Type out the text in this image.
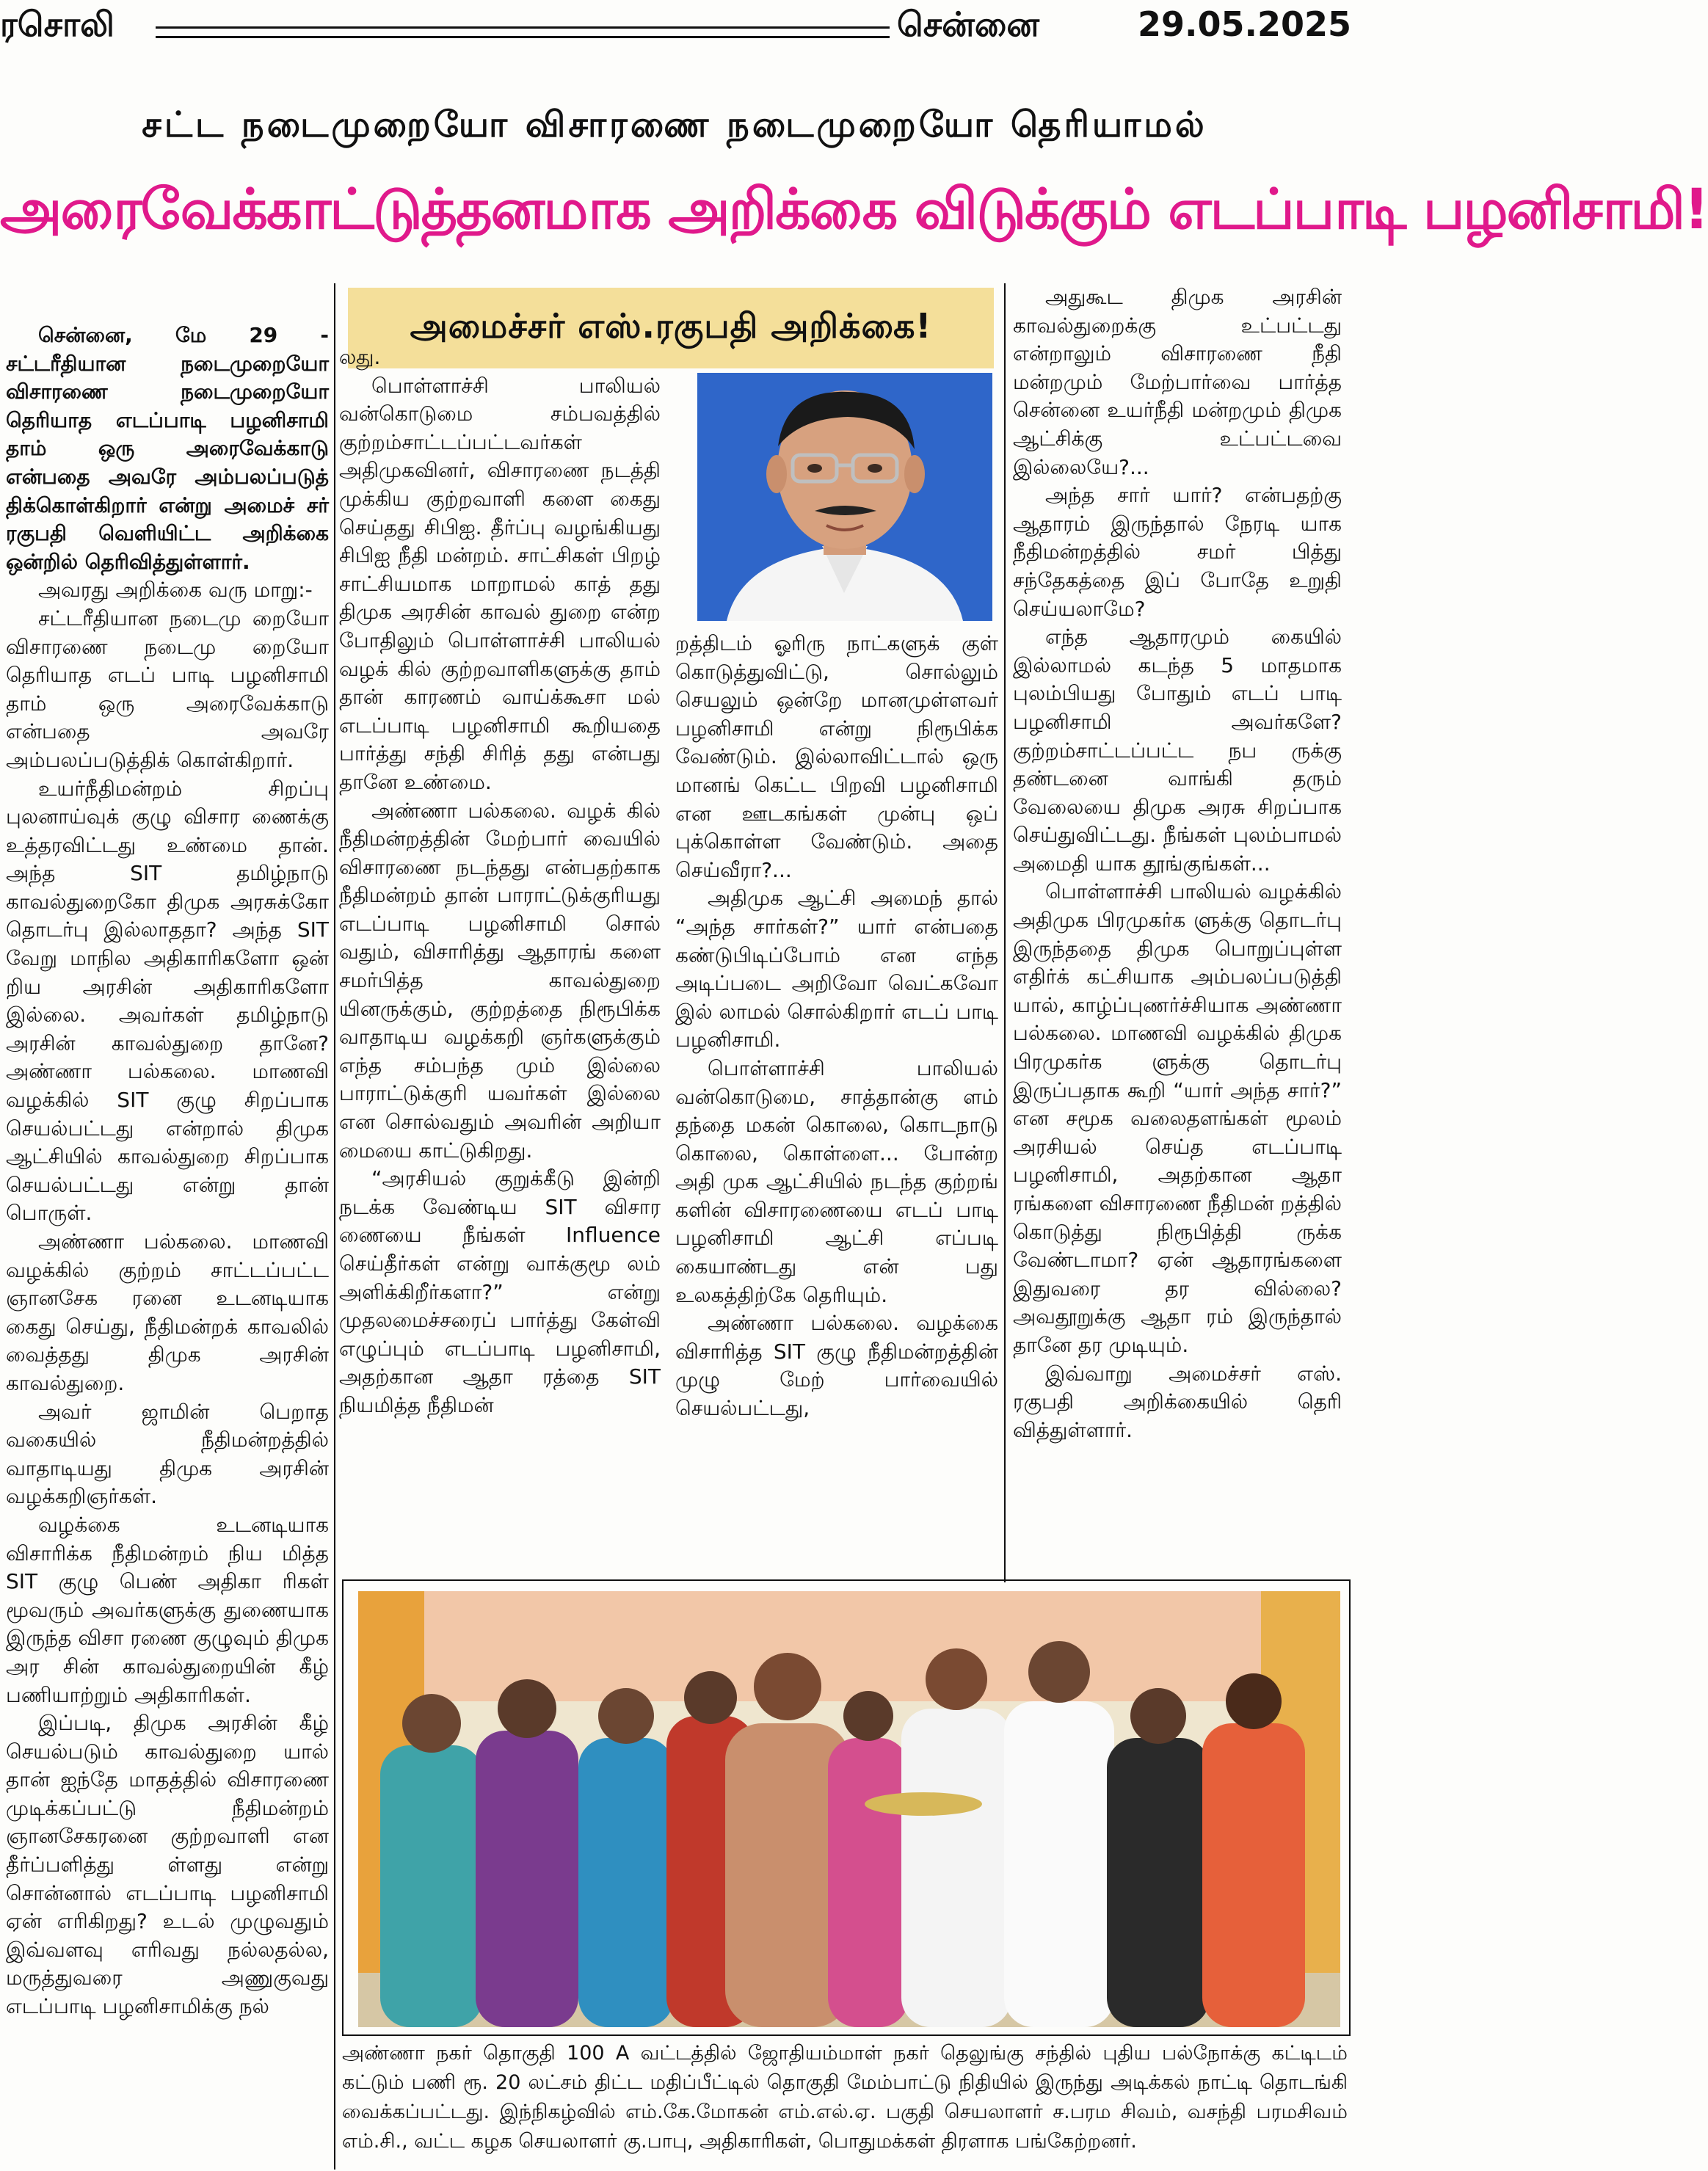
ரசொலி	சென்னை	29.05.2025
சட்ட நடைமுறையோ விசாரணை நடைமுறையோ தெரியாமல்
அரைவேக்காட்டுத்தனமாக அறிக்கை விடுக்கும் எடப்பாடி பழனிசாமி!

சென்னை, மே 29 - சட்டரீதியான நடைமுறையோ விசாரணை நடைமுறையோ தெரியாத எடப்பாடி பழனிசாமி தாம் ஒரு அரைவேக்காடு என்பதை அவரே அம்பலப்படுத் திக்கொள்கிறார் என்று அமைச் சர் ரகுபதி வெளியிட்ட அறிக்கை ஒன்றில் தெரிவித்துள்ளார்.

அவரது அறிக்கை வரு மாறு:-

சட்டரீதியான நடைமு றையோ விசாரணை நடைமு றையோ தெரியாத எடப் பாடி பழனிசாமி தாம் ஒரு அரைவேக்காடு என்பதை அவரே அம்பலப்படுத்திக் கொள்கிறார்.

உயர்நீதிமன்றம் சிறப்பு புலனாய்வுக் குழு விசார ணைக்கு உத்தரவிட்டது உண்மை தான். அந்த SIT தமிழ்நாடு காவல்துறைகோ திமுக அரசுக்கோ தொடர்பு இல்லாததா? அந்த SIT வேறு மாநில அதிகாரிகளோ ஒன் றிய அரசின் அதிகாரிகளோ இல்லை. அவர்கள் தமிழ்நாடு அரசின் காவல்துறை தானே? அண்ணா பல்கலை. மாணவி வழக்கில் SIT குழு சிறப்பாக செயல்பட்டது என்றால் திமுக ஆட்சியில் காவல்துறை சிறப்பாக செயல்பட்டது என்று தான் பொருள்.

அண்ணா பல்கலை. மாணவி வழக்கில் குற்றம் சாட்டப்பட்ட ஞானசேக ரனை உடனடியாக கைது செய்து, நீதிமன்றக் காவலில் வைத்தது திமுக அரசின் காவல்துறை.

அவர் ஜாமின் பெறாத வகையில் நீதிமன்றத்தில் வாதாடியது திமுக அரசின் வழக்கறிஞர்கள்.

வழக்கை உடனடியாக விசாரிக்க நீதிமன்றம் நிய மித்த SIT குழு பெண் அதிகா ரிகள் மூவரும் அவர்களுக்கு துணையாக இருந்த விசா ரணை குழுவும் திமுக அர சின் காவல்துறையின் கீழ் பணியாற்றும் அதிகாரிகள்.

இப்படி, திமுக அரசின் கீழ் செயல்படும் காவல்துறை யால் தான் ஐந்தே மாதத்தில் விசாரணை முடிக்கப்பட்டு நீதிமன்றம் ஞானசேகரனை குற்றவாளி என தீர்ப்பளித்து ள்ளது என்று சொன்னால் எடப்பாடி பழனிசாமி ஏன் எரிகிறது? உடல் முழுவதும் இவ்வளவு எரிவது நல்லதல்ல, மருத்துவரை அணுகுவது எடப்பாடி பழனிசாமிக்கு நல்

அமைச்சர் எஸ்.ரகுபதி அறிக்கை!

லது.

பொள்ளாச்சி பாலியல் வன்கொடுமை சம்பவத்தில் குற்றம்சாட்டப்பட்டவர்கள் அதிமுகவினர், விசாரணை நடத்தி முக்கிய குற்றவாளி களை கைது செய்தது சிபிஐ. தீர்ப்பு வழங்கியது சிபிஐ நீதி மன்றம். சாட்சிகள் பிறழ் சாட்சியமாக மாறாமல் காத் தது திமுக அரசின் காவல் துறை என்ற போதிலும் பொள்ளாச்சி பாலியல் வழக் கில் குற்றவாளிகளுக்கு தாம் தான் காரணம் வாய்க்கூசா மல் எடப்பாடி பழனிசாமி கூறியதை பார்த்து சந்தி சிரித் தது என்பது தானே உண்மை.

அண்ணா பல்கலை. வழக் கில் நீதிமன்றத்தின் மேற்பார் வையில் விசாரணை நடந்தது என்பதற்காக நீதிமன்றம் தான் பாராட்டுக்குரியது எடப்பாடி பழனிசாமி சொல் வதும், விசாரித்து ஆதாரங் களை சமர்பித்த காவல்துறை யினருக்கும், குற்றத்தை நிரூபிக்க வாதாடிய வழக்கறி ஞர்களுக்கும் எந்த சம்பந்த மும் இல்லை பாராட்டுக்குரி யவர்கள் இல்லை என சொல்வதும் அவரின் அறியா மையை காட்டுகிறது.

“அரசியல் குறுக்கீடு இன்றி நடக்க வேண்டிய SIT விசார ணையை நீங்கள் Influence செய்தீர்கள் என்று வாக்குமூ லம் அளிக்கிறீர்களா?” என்று முதலமைச்சரைப் பார்த்து கேள்வி எழுப்பும் எடப்பாடி பழனிசாமி, அதற்கான ஆதா ரத்தை SIT நியமித்த நீதிமன்

றத்திடம் ஓரிரு நாட்களுக் குள் கொடுத்துவிட்டு, சொல்லும் செயலும் ஒன்றே மானமுள்ளவர் பழனிசாமி என்று நிரூபிக்க வேண்டும். இல்லாவிட்டால் ஒரு மானங் கெட்ட பிறவி பழனிசாமி என ஊடகங்கள் முன்பு ஒப் புக்கொள்ள வேண்டும். அதை செய்வீரா?...

அதிமுக ஆட்சி அமைந் தால் “அந்த சார்கள்?” யார் என்பதை கண்டுபிடிப்போம் என எந்த அடிப்படை அறிவோ வெட்கவோ இல் லாமல் சொல்கிறார் எடப் பாடி பழனிசாமி.

பொள்ளாச்சி பாலியல் வன்கொடுமை, சாத்தான்கு ளம் தந்தை மகன் கொலை, கொடநாடு கொலை, கொள்ளை... போன்ற அதி முக ஆட்சியில் நடந்த குற்றங் களின் விசாரணையை எடப் பாடி பழனிசாமி ஆட்சி எப்படி கையாண்டது என் பது உலகத்திற்கே தெரியும்.

அண்ணா பல்கலை. வழக்கை விசாரித்த SIT குழு நீதிமன்றத்தின் முழு மேற் பார்வையில் செயல்பட்டது,

அதுகூட திமுக அரசின் காவல்துறைக்கு உட்பட்டது என்றாலும் விசாரணை நீதி மன்றமும் மேற்பார்வை பார்த்த சென்னை உயர்நீதி மன்றமும் திமுக ஆட்சிக்கு உட்பட்டவை இல்லையே?...

அந்த சார் யார்? என்பதற்கு ஆதாரம் இருந்தால் நேரடி யாக நீதிமன்றத்தில் சமர் பித்து சந்தேகத்தை இப் போதே உறுதி செய்யலாமே?

எந்த ஆதாரமும் கையில் இல்லாமல் கடந்த 5 மாதமாக புலம்பியது போதும் எடப் பாடி பழனிசாமி அவர்களே? குற்றம்சாட்டப்பட்ட நப ருக்கு தண்டனை வாங்கி தரும் வேலையை திமுக அரசு சிறப்பாக செய்துவிட்டது. நீங்கள் புலம்பாமல் அமைதி யாக தூங்குங்கள்...

பொள்ளாச்சி பாலியல் வழக்கில் அதிமுக பிரமுகர்க ளுக்கு தொடர்பு இருந்ததை திமுக பொறுப்புள்ள எதிர்க் கட்சியாக அம்பலப்படுத்தி யால், காழ்ப்புணர்ச்சியாக அண்ணா பல்கலை. மாணவி வழக்கில் திமுக பிரமுகர்க ளுக்கு தொடர்பு இருப்பதாக கூறி “யார் அந்த சார்?” என சமூக வலைதளங்கள் மூலம் அரசியல் செய்த எடப்பாடி பழனிசாமி, அதற்கான ஆதா ரங்களை விசாரணை நீதிமன் றத்தில் கொடுத்து நிரூபித்தி ருக்க வேண்டாமா? ஏன் ஆதாரங்களை இதுவரை தர வில்லை? அவதூறுக்கு ஆதா ரம் இருந்தால் தானே தர முடியும்.

இவ்வாறு அமைச்சர் எஸ். ரகுபதி அறிக்கையில் தெரி வித்துள்ளார்.

அண்ணா நகர் தொகுதி 100 A வட்டத்தில் ஜோதியம்மாள் நகர் தெலுங்கு சந்தில் புதிய பல்நோக்கு கட்டிடம் கட்டும் பணி ரூ. 20 லட்சம் திட்ட மதிப்பீட்டில் தொகுதி மேம்பாட்டு நிதியில் இருந்து அடிக்கல் நாட்டி தொடங்கி வைக்கப்பட்டது. இந்நிகழ்வில் எம்.கே.மோகன் எம்.எல்.ஏ. பகுதி செயலாளர் ச.பரம சிவம், வசந்தி பரமசிவம் எம்.சி., வட்ட கழக செயலாளர் கு.பாபு, அதிகாரிகள், பொதுமக்கள் திரளாக பங்கேற்றனர்.
